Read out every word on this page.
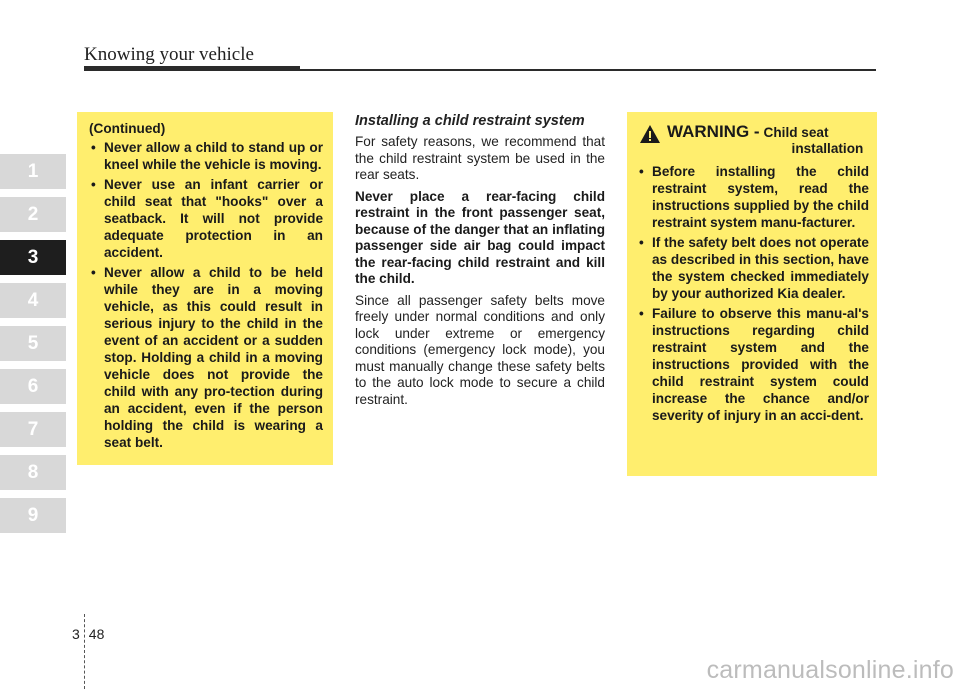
Knowing your vehicle
1
2
3
4
5
6
7
8
9
(Continued)
• Never allow a child to stand up or kneel while the vehicle is moving.
• Never use an infant carrier or child seat that "hooks" over a seatback. It will not provide adequate protection in an accident.
• Never allow a child to be held while they are in a moving vehicle, as this could result in serious injury to the child in the event of an accident or a sudden stop. Holding a child in a moving vehicle does not provide the child with any pro-tection during an accident, even if the person holding the child is wearing a seat belt.
Installing a child restraint system

For safety reasons, we recommend that the child restraint system be used in the rear seats.

Never place a rear-facing child restraint in the front passenger seat, because of the danger that an inflating passenger side air bag could impact the rear-facing child restraint and kill the child.

Since all passenger safety belts move freely under normal conditions and only lock under extreme or emergency conditions (emergency lock mode), you must manually change these safety belts to the auto lock mode to secure a child restraint.

WARNING - Child seat
installation
• Before installing the child restraint system, read the instructions supplied by the child restraint system manu-facturer.
• If the safety belt does not operate as described in this section, have the system checked immediately by your authorized Kia dealer.
• Failure to observe this manu-al's instructions regarding child restraint system and the instructions provided with the child restraint system could increase the chance and/or severity of injury in an acci-dent.
3 48
carmanualsonline.info
